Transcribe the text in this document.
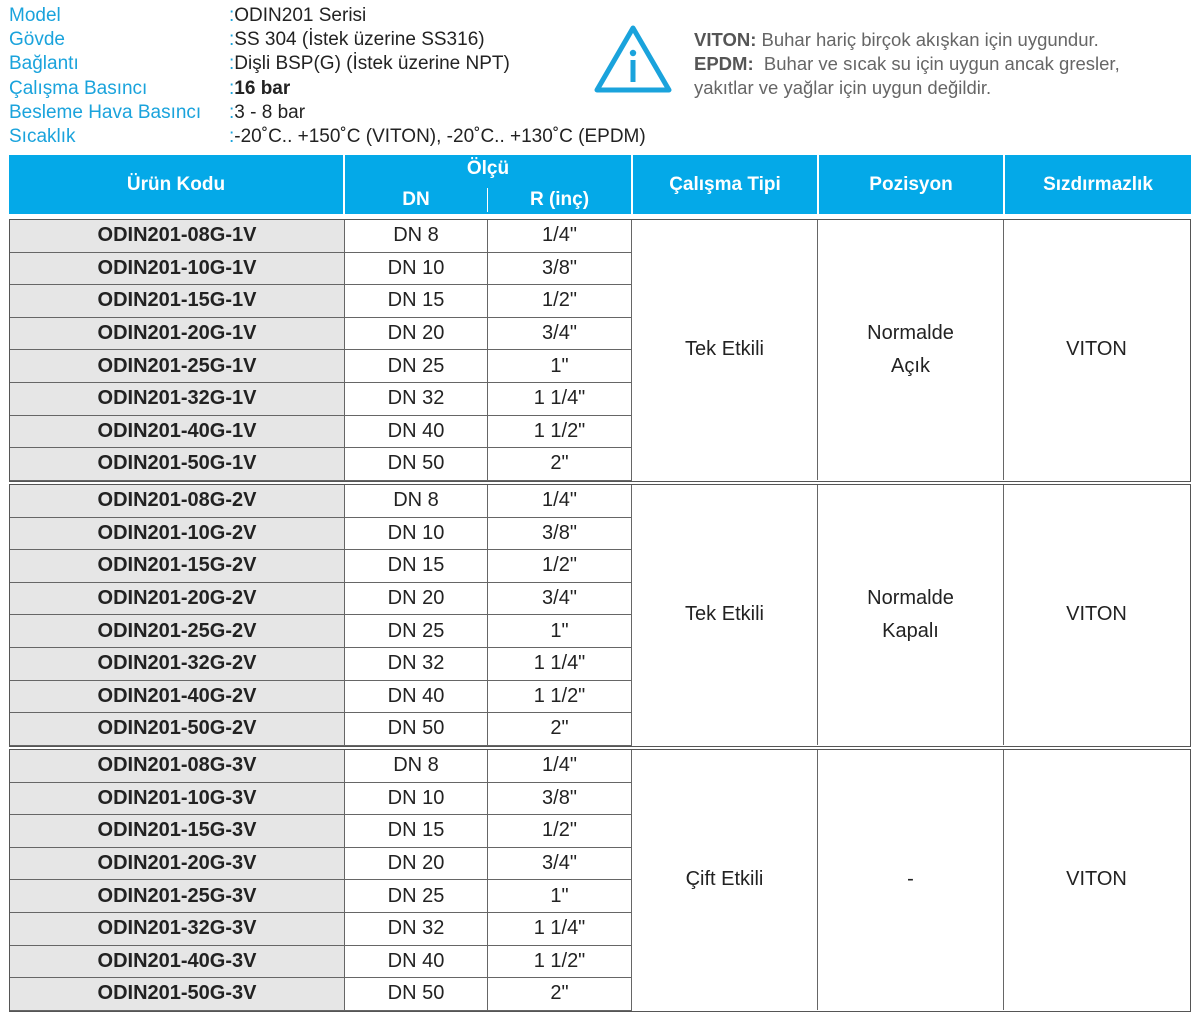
Model	: ODIN201 Serisi
Gövde	: SS 304 (İstek üzerine SS316)
Bağlantı	: Dişli BSP(G) (İstek üzerine NPT)
Çalışma Basıncı	: 16 bar
Besleme Hava Basıncı	: 3 - 8 bar
Sıcaklık	: -20˚C.. +150˚C (VITON), -20˚C.. +130˚C (EPDM)
VITON: Buhar hariç birçok akışkan için uygundur.
EPDM:  Buhar ve sıcak su için uygun ancak gresler,
yakıtlar ve yağlar için uygun değildir.
Ürün Kodu
Ölçü
DN	R (inç)
Çalışma Tipi	Pozisyon	Sızdırmazlık
ODIN201-08G-1V	DN 8	1/4"
ODIN201-10G-1V	DN 10	3/8"
ODIN201-15G-1V	DN 15	1/2"
ODIN201-20G-1V	DN 20	3/4"
ODIN201-25G-1V	DN 25	1"
ODIN201-32G-1V	DN 32	1 1/4"
ODIN201-40G-1V	DN 40	1 1/2"
ODIN201-50G-1V	DN 50	2"
Tek Etkili
Normalde
Açık
VITON
ODIN201-08G-2V	DN 8	1/4"
ODIN201-10G-2V	DN 10	3/8"
ODIN201-15G-2V	DN 15	1/2"
ODIN201-20G-2V	DN 20	3/4"
ODIN201-25G-2V	DN 25	1"
ODIN201-32G-2V	DN 32	1 1/4"
ODIN201-40G-2V	DN 40	1 1/2"
ODIN201-50G-2V	DN 50	2"
Tek Etkili
Normalde
Kapalı
VITON
ODIN201-08G-3V	DN 8	1/4"
ODIN201-10G-3V	DN 10	3/8"
ODIN201-15G-3V	DN 15	1/2"
ODIN201-20G-3V	DN 20	3/4"
ODIN201-25G-3V	DN 25	1"
ODIN201-32G-3V	DN 32	1 1/4"
ODIN201-40G-3V	DN 40	1 1/2"
ODIN201-50G-3V	DN 50	2"
Çift Etkili	-	VITON
